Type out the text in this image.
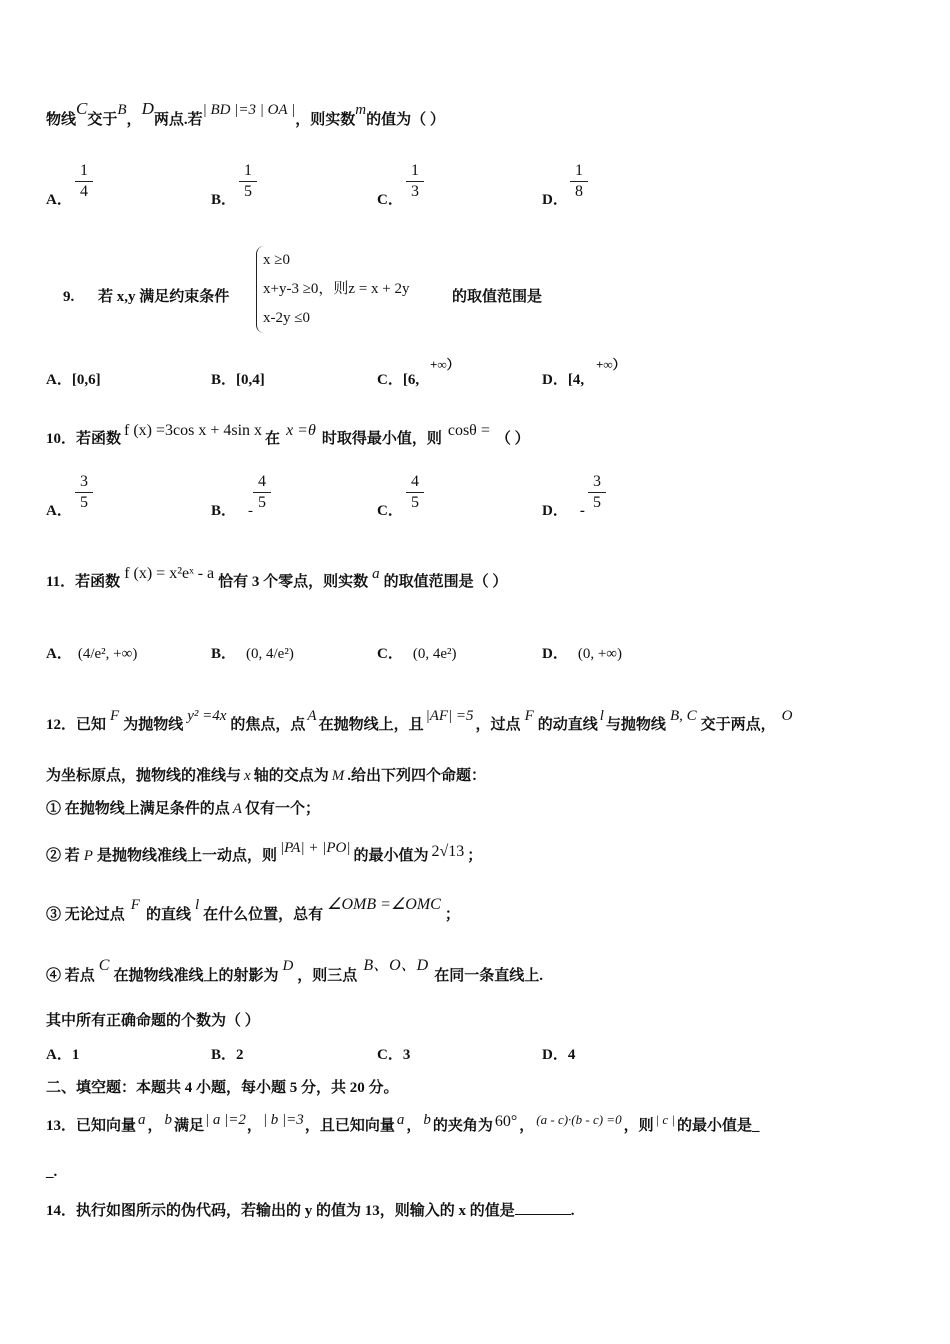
物线C交于B，D两点.若| BD |=3 | OA |，则实数m的值为（ ）
A．
1
4	B．
1
5	C．
1
3	D．
1
8
9. 若 x,y 满足约束条件
x ≥0
x+y-3 ≥0，则z = x + 2y
x-2y ≤0
的取值范围是
A．[0,6]	B．[0,4]	C．[6,
+∞）
D．[4,
+∞）
10．若函数 f (x) =3cos x + 4sin x 在 x =θ 时取得最小值，则 cosθ = （ ）
A．
3
5	B． -
4
5	C．
4
5	D． -
3
5
11．若函数 f (x) = x²eˣ - a 恰有 3 个零点，则实数 a 的取值范围是（ ）
A． (4/e², +∞)	B． (0, 4/e²)	C． (0, 4e²)	D． (0, +∞)
12．已知F为抛物线y² =4x的焦点，点A在抛物线上，且|AF| =5，过点F的动直线l与抛物线B, C交于两点，O
为坐标原点，抛物线的准线与 x 轴的交点为 M .给出下列四个命题：
① 在抛物线上满足条件的点 A 仅有一个；
② 若 P 是抛物线准线上一动点，则 |PA| + |PO| 的最小值为 2√13 ；
③ 无论过点F的直线l在什么位置，总有∠OMB =∠OMC；
④ 若点C在抛物线准线上的射影为D，则三点B、O、D在同一条直线上.
其中所有正确命题的个数为（ ）
A．1	B．2	C．3	D．4
二、填空题：本题共 4 小题，每小题 5 分，共 20 分。
13．已知向量 a ， b 满足| a |=2，| b |=3，且已知向量 a ， b 的夹角为 60° ， (a - c)·(b - c) =0 ，则 | c | 的最小值是_
_.
14．执行如图所示的伪代码，若输出的 y 的值为 13，则输入的 x 的值是	.
